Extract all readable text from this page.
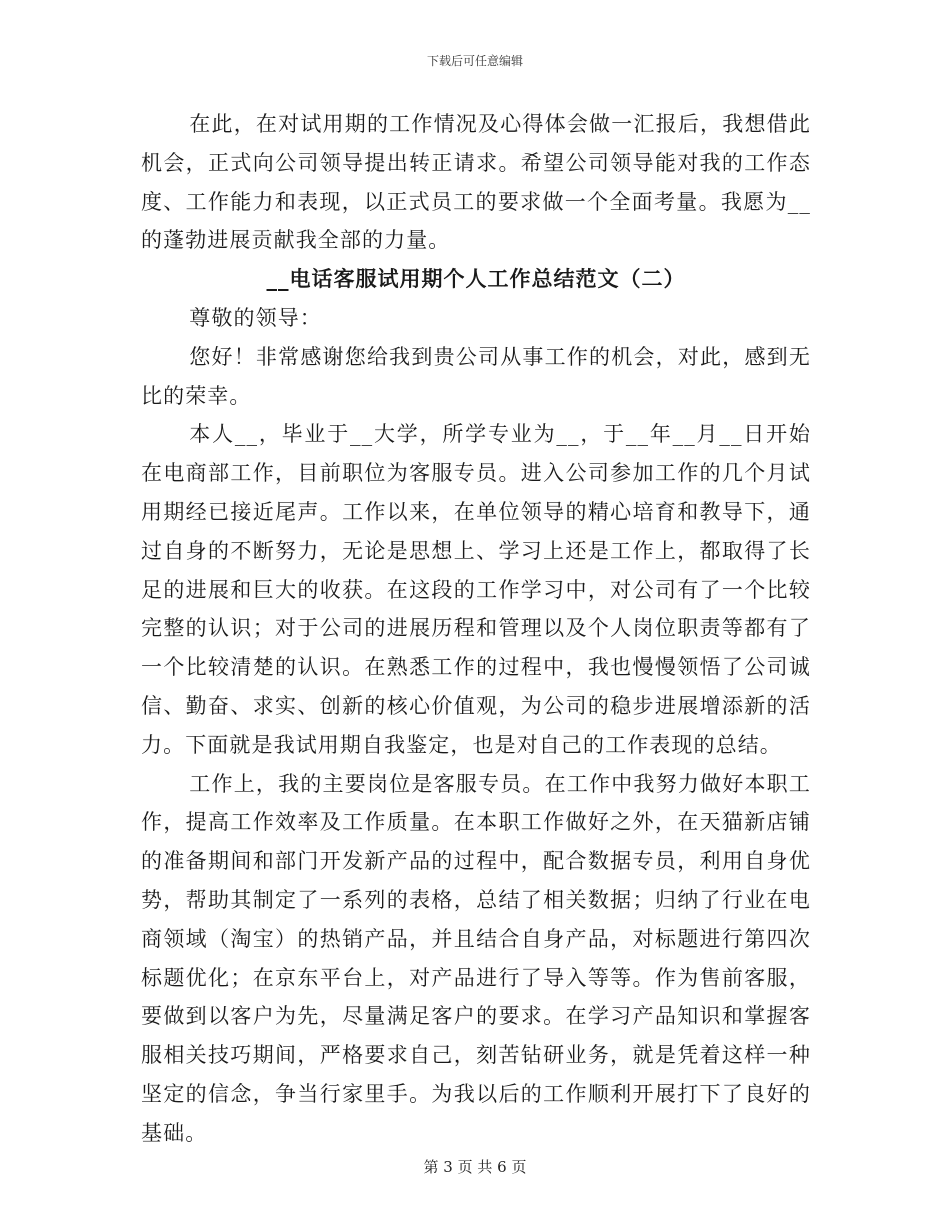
下载后可任意编辑

在此，在对试用期的工作情况及心得体会做一汇报后，我想借此机会，正式向公司领导提出转正请求。希望公司领导能对我的工作态度、工作能力和表现，以正式员工的要求做一个全面考量。我愿为__的蓬勃进展贡献我全部的力量。

__电话客服试用期个人工作总结范文（二）

尊敬的领导：

您好！非常感谢您给我到贵公司从事工作的机会，对此，感到无比的荣幸。

本人__，毕业于__大学，所学专业为__，于__年__月__日开始在电商部工作，目前职位为客服专员。进入公司参加工作的几个月试用期经已接近尾声。工作以来，在单位领导的精心培育和教导下，通过自身的不断努力，无论是思想上、学习上还是工作上，都取得了长足的进展和巨大的收获。在这段的工作学习中，对公司有了一个比较完整的认识；对于公司的进展历程和管理以及个人岗位职责等都有了一个比较清楚的认识。在熟悉工作的过程中，我也慢慢领悟了公司诚信、勤奋、求实、创新的核心价值观，为公司的稳步进展增添新的活力。下面就是我试用期自我鉴定，也是对自己的工作表现的总结。

工作上，我的主要岗位是客服专员。在工作中我努力做好本职工作，提高工作效率及工作质量。在本职工作做好之外，在天猫新店铺的准备期间和部门开发新产品的过程中，配合数据专员，利用自身优势，帮助其制定了一系列的表格，总结了相关数据；归纳了行业在电商领域（淘宝）的热销产品，并且结合自身产品，对标题进行第四次标题优化；在京东平台上，对产品进行了导入等等。作为售前客服，要做到以客户为先，尽量满足客户的要求。在学习产品知识和掌握客服相关技巧期间，严格要求自己，刻苦钻研业务，就是凭着这样一种坚定的信念，争当行家里手。为我以后的工作顺利开展打下了良好的基础。

第 3 页 共 6 页
